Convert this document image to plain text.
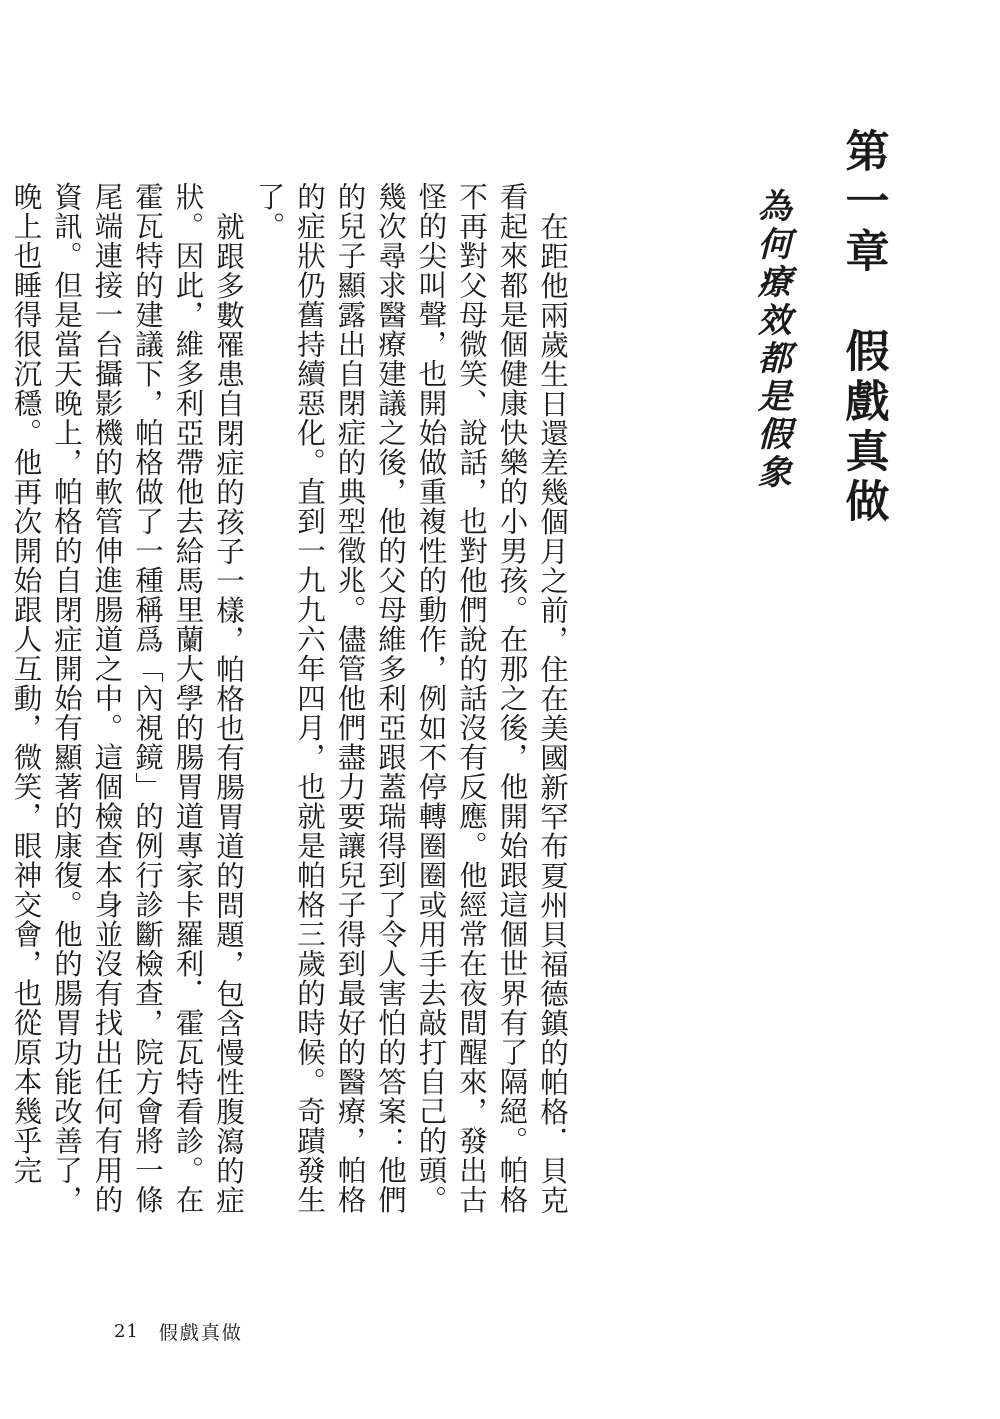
第一章　假戲真做
為何療效都是假象

在距他兩歲生日還差幾個月之前，住在美國新罕布夏州貝福德鎮的帕格．貝克看起來都是個健康快樂的小男孩。在那之後，他開始跟這個世界有了隔絕。帕格不再對父母微笑、說話，也對他們說的話沒有反應。他經常在夜間醒來，發出古怪的尖叫聲，也開始做重複性的動作，例如不停轉圈圈或用手去敲打自己的頭。幾次尋求醫療建議之後，他的父母維多利亞跟蓋瑞得到了令人害怕的答案：他們的兒子顯露出自閉症的典型徵兆。儘管他們盡力要讓兒子得到最好的醫療，帕格的症狀仍舊持續惡化。直到一九九六年四月，也就是帕格三歲的時候。奇蹟發生了。

就跟多數罹患自閉症的孩子一樣，帕格也有腸胃道的問題，包含慢性腹瀉的症狀。因此，維多利亞帶他去給馬里蘭大學的腸胃道專家卡羅利．霍瓦特看診。在霍瓦特的建議下，帕格做了一種稱爲「內視鏡」的例行診斷檢查，院方會將一條尾端連接一台攝影機的軟管伸進腸道之中。這個檢查本身並沒有找出任何有用的資訊。但是當天晚上，帕格的自閉症開始有顯著的康復。他的腸胃功能改善了，晚上也睡得很沉穩。他再次開始跟人互動，微笑，眼神交會，也從原本幾乎完

21 假戲真做
